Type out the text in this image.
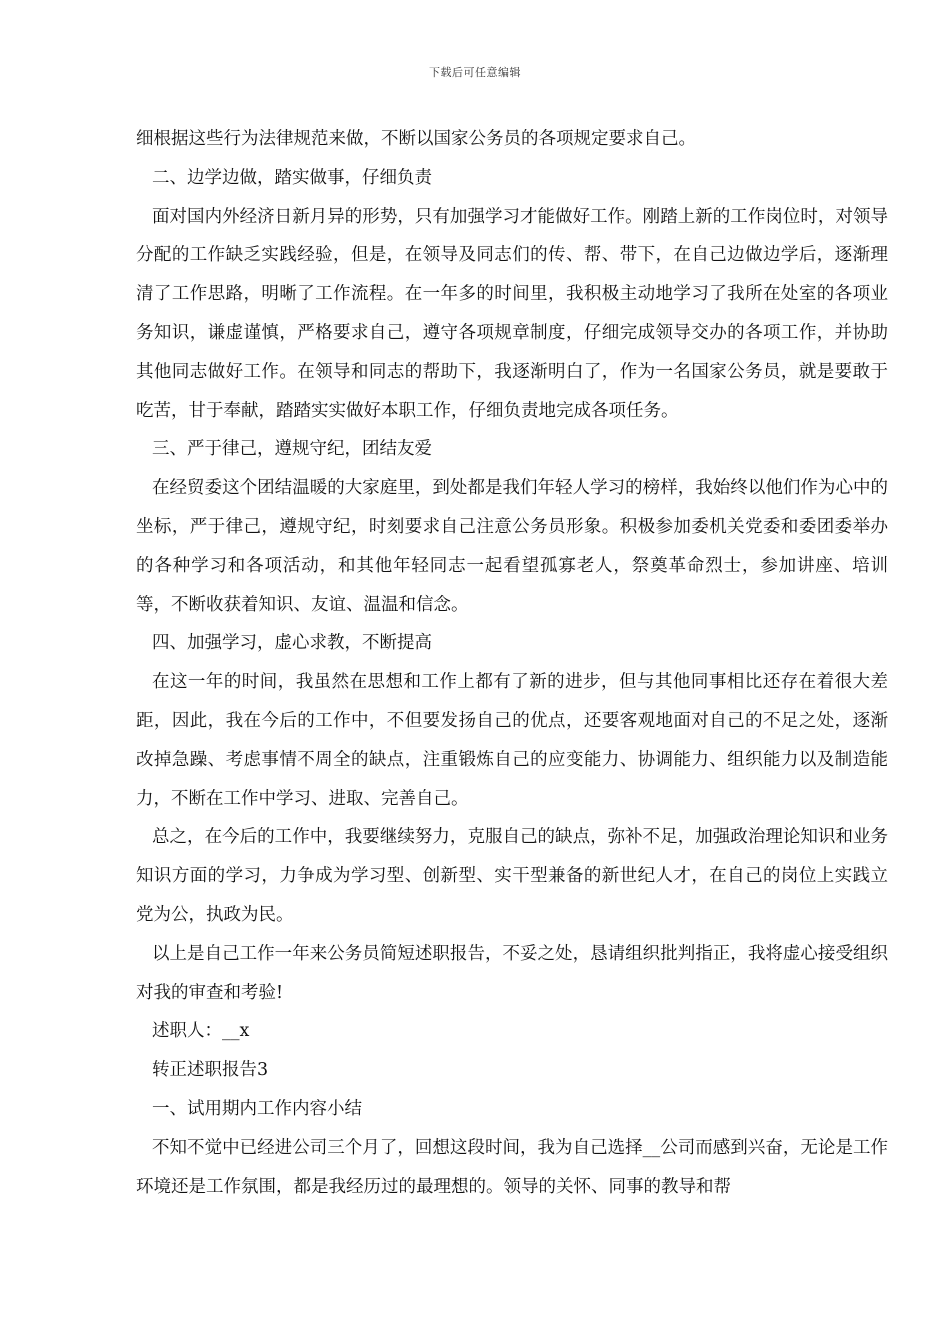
下载后可任意编辑

细根据这些行为法律规范来做，不断以国家公务员的各项规定要求自己。

二、边学边做，踏实做事，仔细负责

面对国内外经济日新月异的形势，只有加强学习才能做好工作。刚踏上新的工作岗位时，对领导分配的工作缺乏实践经验，但是，在领导及同志们的传、帮、带下，在自己边做边学后，逐渐理清了工作思路，明晰了工作流程。在一年多的时间里，我积极主动地学习了我所在处室的各项业务知识，谦虚谨慎，严格要求自己，遵守各项规章制度，仔细完成领导交办的各项工作，并协助其他同志做好工作。在领导和同志的帮助下，我逐渐明白了，作为一名国家公务员，就是要敢于吃苦，甘于奉献，踏踏实实做好本职工作，仔细负责地完成各项任务。

三、严于律己，遵规守纪，团结友爱

在经贸委这个团结温暖的大家庭里，到处都是我们年轻人学习的榜样，我始终以他们作为心中的坐标，严于律己，遵规守纪，时刻要求自己注意公务员形象。积极参加委机关党委和委团委举办的各种学习和各项活动，和其他年轻同志一起看望孤寡老人，祭奠革命烈士，参加讲座、培训等，不断收获着知识、友谊、温温和信念。

四、加强学习，虚心求教，不断提高

在这一年的时间，我虽然在思想和工作上都有了新的进步，但与其他同事相比还存在着很大差距，因此，我在今后的工作中，不但要发扬自己的优点，还要客观地面对自己的不足之处，逐渐改掉急躁、考虑事情不周全的缺点，注重锻炼自己的应变能力、协调能力、组织能力以及制造能力，不断在工作中学习、进取、完善自己。

总之，在今后的工作中，我要继续努力，克服自己的缺点，弥补不足，加强政治理论知识和业务知识方面的学习，力争成为学习型、创新型、实干型兼备的新世纪人才，在自己的岗位上实践立党为公，执政为民。

以上是自己工作一年来公务员简短述职报告，不妥之处，恳请组织批判指正，我将虚心接受组织对我的审查和考验!

述职人：__x

转正述职报告3

一、试用期内工作内容小结

不知不觉中已经进公司三个月了，回想这段时间，我为自己选择__公司而感到兴奋，无论是工作环境还是工作氛围，都是我经历过的最理想的。领导的关怀、同事的教导和帮
